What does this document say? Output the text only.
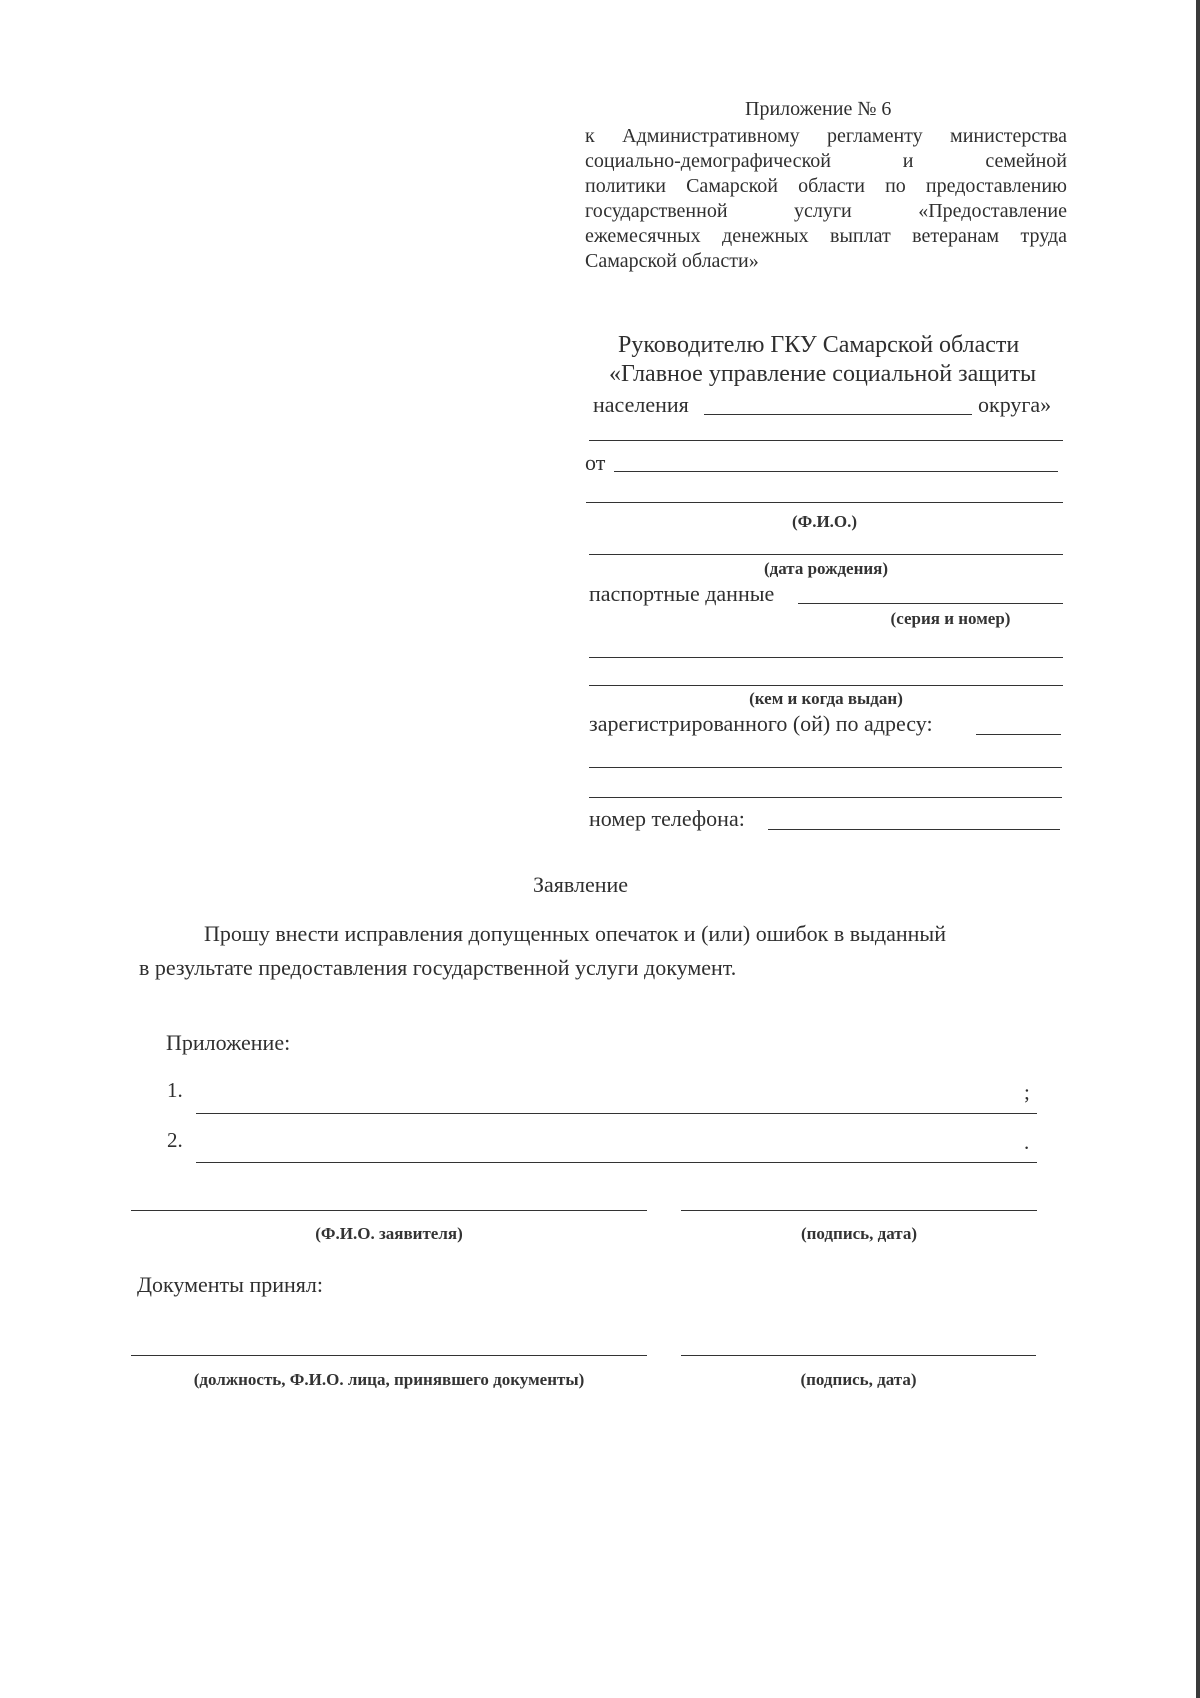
Приложение № 6
к Административному регламенту министерства
социально-демографической и семейной
политики Самарской области по предоставлению
государственной услуги «Предоставление
ежемесячных денежных выплат ветеранам труда
Самарской области»
Руководителю ГКУ Самарской области
«Главное управление социальной защиты
населения	округа»
от
(Ф.И.О.)
(дата рождения)
паспортные данные
(серия и номер)
(кем и когда выдан)
зарегистрированного (ой) по адресу:
номер телефона:
Заявление
Прошу внести исправления допущенных опечаток и (или) ошибок в выданный
в результате предоставления государственной услуги документ.
Приложение:
1.	;
2.	.
(Ф.И.О. заявителя)	(подпись, дата)
Документы принял:
(должность, Ф.И.О. лица, принявшего документы)	(подпись, дата)
